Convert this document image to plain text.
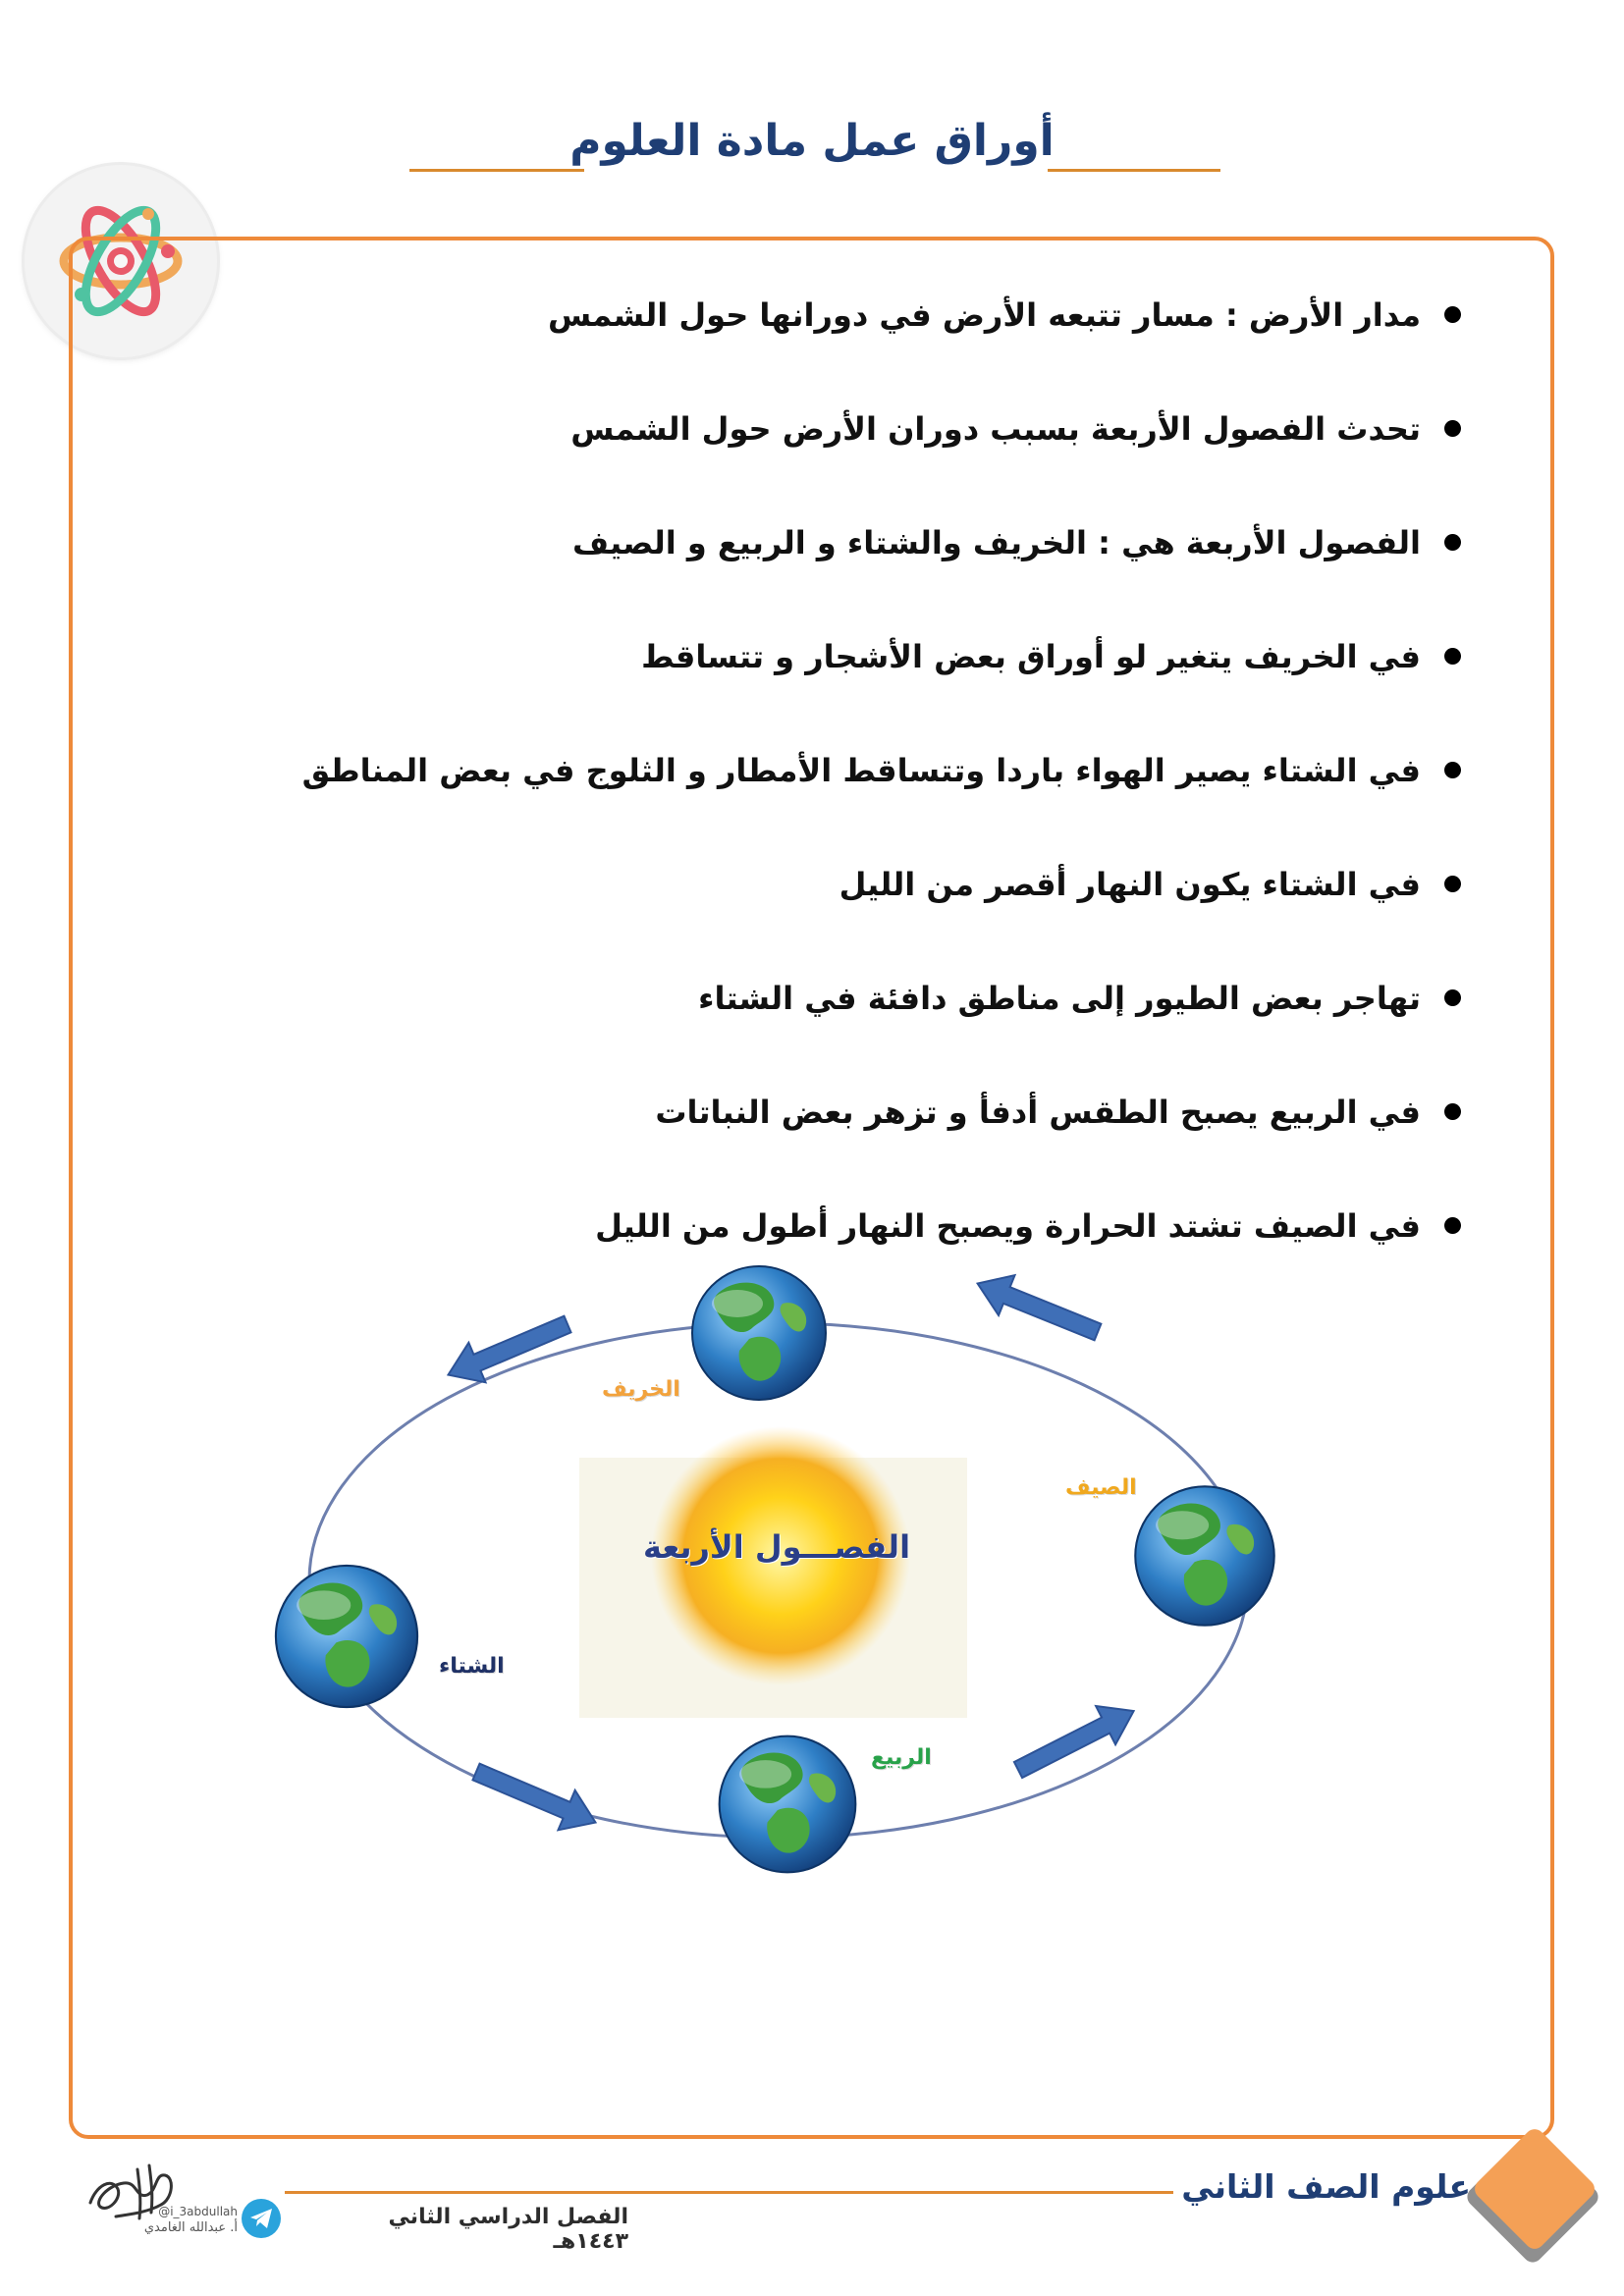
أوراق عمل مادة العلوم
مدار الأرض : مسار تتبعه الأرض في دورانها حول الشمس
تحدث الفصول الأربعة بسبب دوران الأرض حول الشمس
الفصول الأربعة هي : الخريف والشتاء و الربيع و الصيف
في الخريف يتغير لو أوراق بعض الأشجار و تتساقط
في الشتاء يصير الهواء باردا وتتساقط الأمطار و الثلوج في بعض المناطق
في الشتاء يكون النهار أقصر من الليل
تهاجر بعض الطيور إلى مناطق دافئة في الشتاء
في الربيع يصبح الطقس أدفأ و تزهر بعض النباتات
في الصيف تشتد الحرارة ويصبح النهار أطول من الليل
الخريف
الصيف
الشتاء
الربيع
الفصـــول الأربعة
علوم الصف الثاني
الفصل الدراسي الثاني ١٤٤٣هـ
@i_3abdullah
أ. عبدالله الغامدي
